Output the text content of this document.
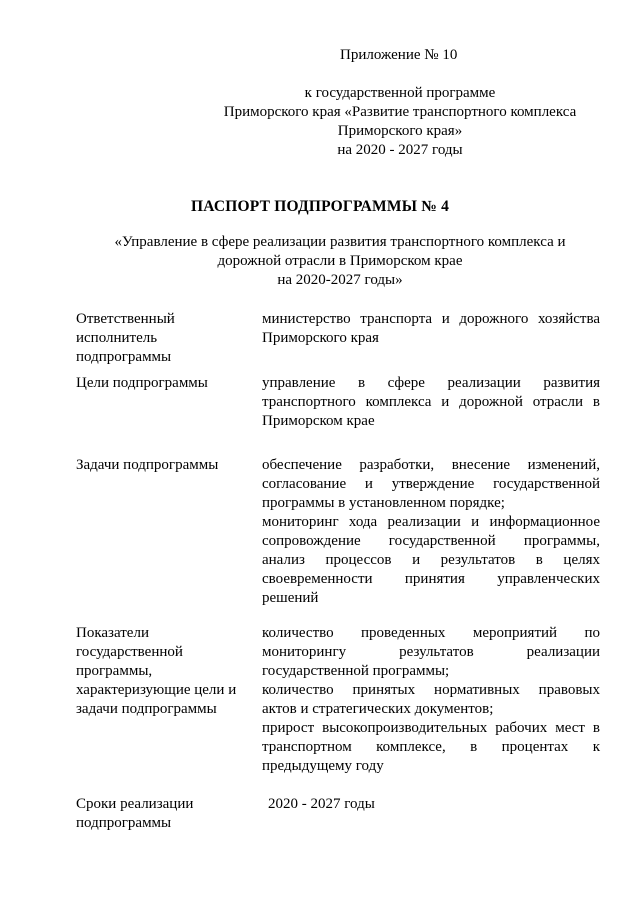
Приложение № 10
к государственной программе
Приморского края «Развитие транспортного комплекса
Приморского края»
на 2020 - 2027 годы
ПАСПОРТ ПОДПРОГРАММЫ № 4
«Управление в сфере реализации развития транспортного комплекса и
дорожной отрасли в Приморском крае
на 2020-2027 годы»
Ответственный
исполнитель
подпрограммы
министерство транспорта и дорожного хозяйства
Приморского края
Цели подпрограммы	управление в сфере реализации развития
транспортного комплекса и дорожной отрасли в
Приморском крае
Задачи подпрограммы	обеспечение разработки, внесение изменений,
согласование и утверждение государственной
программы в установленном порядке;
мониторинг хода реализации и информационное
сопровождение государственной программы,
анализ процессов и результатов в целях
своевременности принятия управленческих
решений
Показатели
государственной
программы,
характеризующие цели и
задачи подпрограммы
количество проведенных мероприятий по
мониторингу результатов реализации
государственной программы;
количество принятых нормативных правовых
актов и стратегических документов;
прирост высокопроизводительных рабочих мест в
транспортном комплексе, в процентах к
предыдущему году
Сроки реализации
подпрограммы
2020 - 2027 годы
